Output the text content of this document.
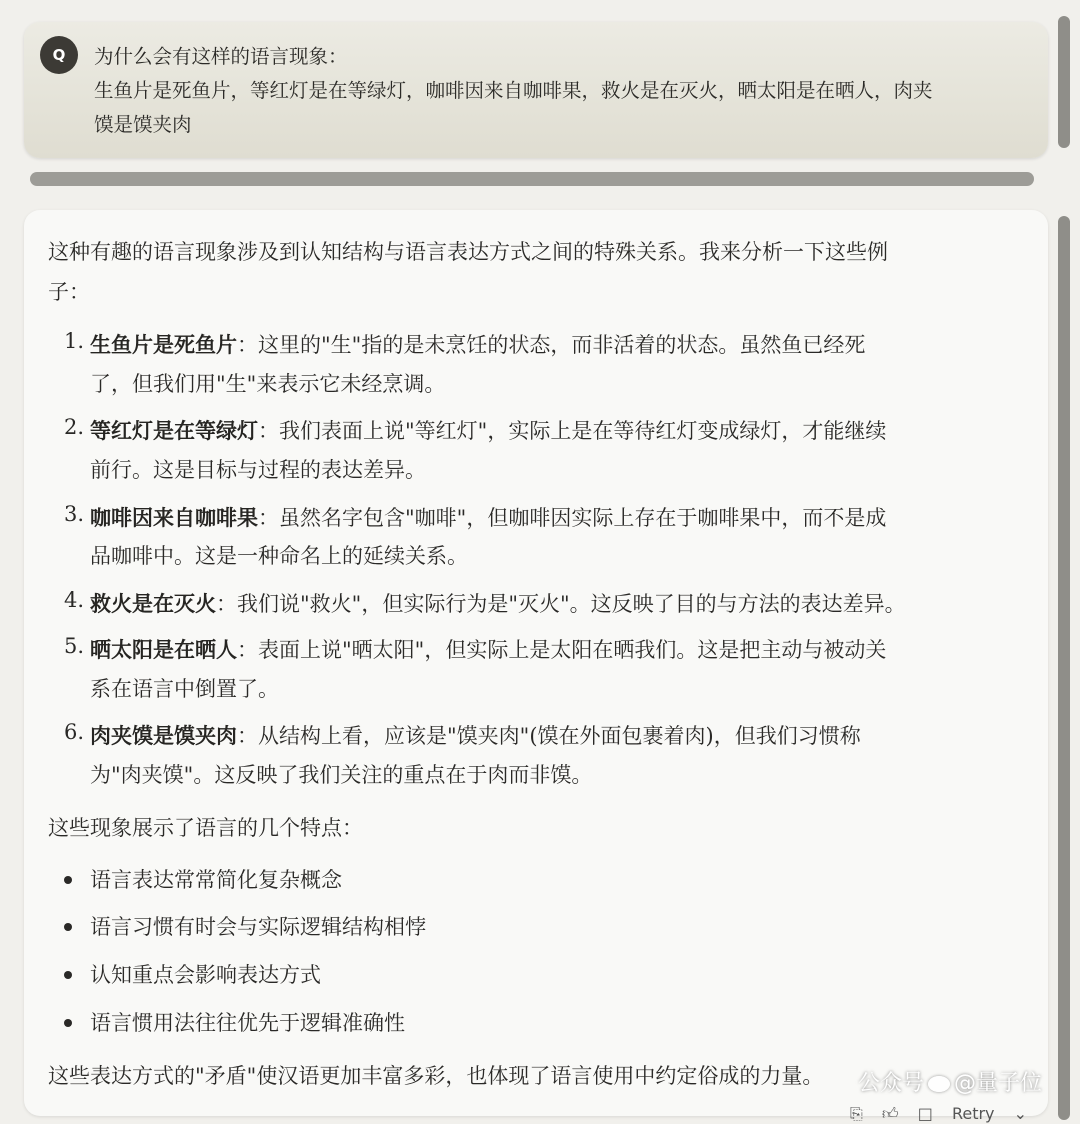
Q	为什么会有这样的语言现象：
生鱼片是死鱼片，等红灯是在等绿灯，咖啡因来自咖啡果，救火是在灭火，晒太阳是在晒人，肉夹
馍是馍夹肉
这种有趣的语言现象涉及到认知结构与语言表达方式之间的特殊关系。我来分析一下这些例
子：
1. 生鱼片是死鱼片：这里的"生"指的是未烹饪的状态，而非活着的状态。虽然鱼已经死
了，但我们用"生"来表示它未经烹调。
2. 等红灯是在等绿灯：我们表面上说"等红灯"，实际上是在等待红灯变成绿灯，才能继续
前行。这是目标与过程的表达差异。
3. 咖啡因来自咖啡果：虽然名字包含"咖啡"，但咖啡因实际上存在于咖啡果中，而不是成
品咖啡中。这是一种命名上的延续关系。
4. 救火是在灭火：我们说"救火"，但实际行为是"灭火"。这反映了目的与方法的表达差异。
5. 晒太阳是在晒人：表面上说"晒太阳"，但实际上是太阳在晒我们。这是把主动与被动关
系在语言中倒置了。
6. 肉夹馍是馍夹肉：从结构上看，应该是"馍夹肉"(馍在外面包裹着肉)，但我们习惯称
为"肉夹馍"。这反映了我们关注的重点在于肉而非馍。
这些现象展示了语言的几个特点：
语言表达常常简化复杂概念
语言习惯有时会与实际逻辑结构相悖
认知重点会影响表达方式
语言惯用法往往优先于逻辑准确性
这些表达方式的"矛盾"使汉语更加丰富多彩，也体现了语言使用中约定俗成的力量。 公众号 @量子位
⎘ 👍︎ □ Retry ⌄
